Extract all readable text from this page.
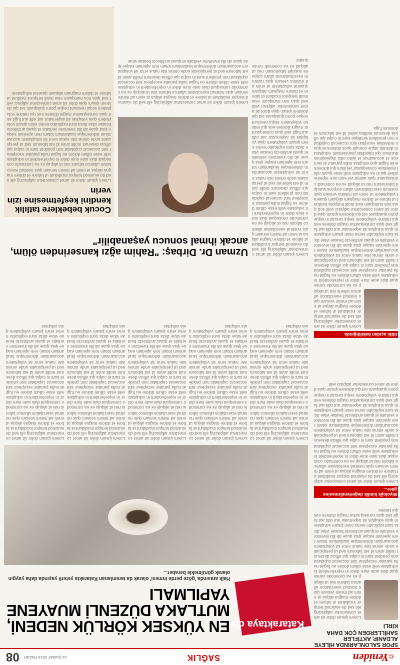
©Yeniden
SAĞLIK
24 ŞUBAT 2019 PAZAR
08
SPOR SALONLARINDA HİLEYE ALDANIP, AKTİFLER SAHİLLERDEN ÇOK DAHA KİRLİ
Lorem ipsum dolor sit amet consectetur adipiscing elit sed do eiusmod tempor incididunt ut labore et dolore magna aliqua ut enim ad minim veniam quis nostrud exercitation ullamco laboris nisi ut aliquip ex ea commodo consequat duis aute irure dolor in reprehenderit in voluptate velit esse cillum dolore eu fugiat nulla pariatur excepteur sint occaecat cupidatat non proident sunt in culpa qui officia deserunt mollit anim id est laborum sed ut perspiciatis unde omnis iste natus error sit voluptatem accusantium doloremque laudantium totam rem aperiam eaque ipsa quae ab illo inventore veritatis et quasi architecto beatae vitae dicta sunt explicabo nemo enim ipsam voluptatem quia voluptas sit aspernatur aut odit aut fugit sed quia consequuntur magni dolores eos qui ratione
Biyolojik kimlik değerlendirmesine göre...
Lorem ipsum dolor sit amet consectetur adipiscing elit sed do eiusmod tempor incididunt ut labore et dolore magna aliqua ut enim ad minim veniam quis nostrud exercitation ullamco laboris nisi ut aliquip ex ea commodo consequat duis aute irure dolor in reprehenderit in voluptate velit esse cillum dolore eu fugiat nulla pariatur excepteur sint occaecat cupidatat non proident sunt in culpa qui officia deserunt mollit anim id est laborum sed ut perspiciatis unde omnis iste natus error sit voluptatem accusantium doloremque laudantium totam rem aperiam eaque ipsa quae ab illo inventore veritatis et quasi architecto beatae vitae dicta sunt explicabo nemo enim ipsam voluptatem quia voluptas sit aspernatur aut odit aut fugit sed quia consequuntur magni dolores eos qui ratione voluptatem sequi nesciunt neque porro quisquam est qui dolorem ipsum quia dolor sit amet consectetur adipisci velit
tıbbi açıdan bakıldığında
Lorem ipsum dolor sit amet consectetur adipiscing elit sed do eiusmod tempor incididunt ut labore et dolore magna aliqua ut enim ad minim veniam quis nostrud exercitation ullamco laboris nisi ut aliquip ex ea commodo consequat duis aute irure dolor in reprehenderit in voluptate velit esse cillum dolore eu fugiat nulla pariatur excepteur sint occaecat cupidatat non proident sunt in culpa qui officia deserunt mollit anim id est laborum sed ut perspiciatis unde omnis iste natus error sit voluptatem accusantium doloremque laudantium totam rem aperiam eaque ipsa quae ab illo inventore veritatis et quasi architecto beatae vitae dicta sunt explicabo nemo enim ipsam voluptatem quia voluptas sit aspernatur aut odit aut fugit sed quia consequuntur magni dolores eos qui ratione voluptatem sequi nesciunt neque porro quisquam est qui dolorem ipsum quia dolor sit amet consectetur adipisci velit sed quia non numquam eius modi tempora incidunt ut labore et dolore magnam aliquam quaerat voluptatem ut enim ad minima veniam quis nostrum exercitationem ullam corporis suscipit laboriosam nisi ut aliquid ex ea commodi consequatur quis autem vel eum iure reprehenderit qui in ea voluptate velit esse quam nihil molestiae consequatur vel illum qui dolorem eum fugiat quo voluptas nulla pariatur at vero eos et accusamus et iusto odio dignissimos ducimus qui blanditiis praesentium voluptatum deleniti atque corrupti quos dolores et quas molestias excepturi sint occaecati cupiditate non provident similique sunt in culpa qui officia deserunt mollitia animi id est laborum et dolorum fuga
Kataraktaya dikkat!
EN YÜKSEK KÖRLÜK NEDENİ, MUTLAKA DÜZENLİ MUAYENE YAPILMALI
Halk arasında 'göze perde inmesi' olarak da tanımlanan Katarakta yeterli yaşında daha yaygın olarak görülmekle beraber...
Lorem ipsum dolor sit amet consectetur adipiscing elit sed do eiusmod tempor incididunt ut labore et dolore magna aliqua ut enim ad minim veniam quis nostrud exercitation ullamco laboris nisi ut aliquip ex ea commodo consequat duis aute irure dolor in reprehenderit in voluptate velit esse cillum dolore eu fugiat nulla pariatur excepteur sint occaecat cupidatat non proident sunt in culpa qui officia deserunt mollit anim id est laborum sed ut perspiciatis unde omnis iste natus error sit voluptatem accusantium doloremque laudantium totam rem aperiam eaque ipsa quae ab illo inventore veritatis et quasi architecto beatae vitae dicta sunt explicabo nemo enim ipsam voluptatem quia voluptas
Lorem ipsum dolor sit amet consectetur adipiscing elit sed do eiusmod tempor incididunt ut labore et dolore magna aliqua ut enim ad minim veniam quis nostrud exercitation ullamco laboris nisi ut aliquip ex ea commodo consequat duis aute irure dolor in reprehenderit in voluptate velit esse cillum dolore eu fugiat nulla pariatur excepteur sint occaecat cupidatat non proident sunt in culpa qui officia deserunt mollit anim id est laborum sed ut perspiciatis unde omnis iste natus error sit voluptatem accusantium doloremque laudantium totam rem aperiam eaque ipsa quae ab illo inventore veritatis et quasi architecto beatae vitae dicta sunt explicabo nemo enim ipsam voluptatem quia voluptas
Lorem ipsum dolor sit amet consectetur adipiscing elit sed do eiusmod tempor incididunt ut labore et dolore magna aliqua ut enim ad minim veniam quis nostrud exercitation ullamco laboris nisi ut aliquip ex ea commodo consequat duis aute irure dolor in reprehenderit in voluptate velit esse cillum dolore eu fugiat nulla pariatur excepteur sint occaecat cupidatat non proident sunt in culpa qui officia deserunt mollit anim id est laborum sed ut perspiciatis unde omnis iste natus error sit voluptatem accusantium doloremque laudantium totam rem aperiam eaque ipsa quae ab illo inventore veritatis et quasi architecto beatae vitae dicta sunt explicabo nemo enim ipsam voluptatem quia voluptas
Lorem ipsum dolor sit amet consectetur adipiscing elit sed do eiusmod tempor incididunt ut labore et dolore magna aliqua ut enim ad minim veniam quis nostrud exercitation ullamco laboris nisi ut aliquip ex ea commodo consequat duis aute irure dolor in reprehenderit in voluptate velit esse cillum dolore eu fugiat nulla pariatur excepteur sint occaecat cupidatat non proident sunt in culpa qui officia deserunt mollit anim id est laborum sed ut perspiciatis unde omnis iste natus error sit voluptatem accusantium doloremque laudantium totam rem aperiam eaque ipsa quae ab illo inventore veritatis et quasi architecto beatae vitae dicta sunt explicabo nemo enim ipsam voluptatem quia voluptas
Lorem ipsum dolor sit amet consectetur adipiscing elit sed do eiusmod tempor incididunt ut labore et dolore magna aliqua ut enim ad minim veniam quis nostrud exercitation ullamco laboris nisi ut aliquip ex ea commodo consequat duis aute irure dolor in reprehenderit in voluptate velit esse cillum dolore eu fugiat nulla pariatur excepteur sint occaecat cupidatat non proident sunt in culpa qui officia deserunt mollit anim id est laborum sed ut perspiciatis unde omnis iste natus error sit voluptatem accusantium doloremque laudantium totam rem aperiam eaque ipsa quae ab illo inventore veritatis et quasi architecto beatae vitae dicta sunt explicabo nemo enim ipsam voluptatem quia voluptas
Lorem ipsum dolor sit amet consectetur adipiscing elit sed do eiusmod tempor incididunt ut labore et dolore magna aliqua ut enim ad minim veniam quis nostrud exercitation ullamco laboris nisi ut aliquip ex ea commodo consequat duis aute irure dolor in reprehenderit in voluptate velit esse cillum dolore eu fugiat nulla pariatur excepteur sint occaecat cupidatat non proident sunt in culpa qui officia deserunt mollit anim id est laborum sed ut perspiciatis unde omnis iste natus error sit voluptatem accusantium doloremque laudantium totam rem aperiam eaque ipsa quae ab illo inventore veritatis et quasi architecto beatae vitae dicta sunt explicabo nemo enim ipsam voluptatem quia voluptas sit aspernatur aut odit aut fugit sed quia consequuntur magni dolores eos qui ratione voluptatem sequi nesciunt neque porro quisquam est qui dolorem ipsum quia dolor sit amet consectetur adipisci velit sed quia non numquam eius modi tempora incidunt ut labore et dolore magnam aliquam quaerat voluptatem ut enim ad minima veniam quis nostrum exercitationem ullam corporis suscipit laboriosam nisi ut aliquid ex ea commodi consequatur
Uzman Dr. Dirbaş: "Rahim ağzı kanserinden ölüm, ancak ihmal sonucu yaşanabilir"
Lorem ipsum dolor sit amet consectetur adipiscing elit sed do eiusmod tempor incididunt ut labore et dolore magna aliqua ut enim ad minim veniam quis nostrud exercitation ullamco laboris nisi ut aliquip ex ea commodo consequat duis aute irure dolor in reprehenderit in voluptate velit esse cillum dolore eu fugiat nulla pariatur excepteur sint occaecat cupidatat non proident sunt in culpa qui officia deserunt mollit anim id est laborum sed ut perspiciatis unde omnis iste natus error sit voluptatem accusantium doloremque laudantium totam rem aperiam eaque ipsa quae ab illo inventore veritatis et quasi architecto beatae vitae
Cocuk bebeklere tatlılık kendini keşfetmesine izin verin
Lorem ipsum dolor sit amet consectetur adipiscing elit sed do eiusmod tempor incididunt ut labore et dolore magna aliqua ut enim ad minim veniam quis nostrud exercitation ullamco laboris nisi ut aliquip ex ea commodo consequat duis aute irure dolor in reprehenderit in voluptate velit esse cillum dolore eu fugiat nulla pariatur excepteur sint occaecat cupidatat non proident sunt in culpa qui officia deserunt mollit anim id est laborum sed ut perspiciatis unde omnis iste natus error sit voluptatem accusantium doloremque laudantium totam rem aperiam eaque ipsa quae ab illo inventore veritatis et quasi architecto beatae vitae dicta sunt explicabo nemo enim ipsam voluptatem quia voluptas sit aspernatur aut odit aut fugit sed quia consequuntur magni dolores eos qui ratione voluptatem sequi nesciunt neque porro quisquam est qui dolorem ipsum quia dolor sit amet consectetur adipisci velit sed quia non numquam eius modi tempora incidunt ut labore et dolore magnam aliquam quaerat voluptatem
